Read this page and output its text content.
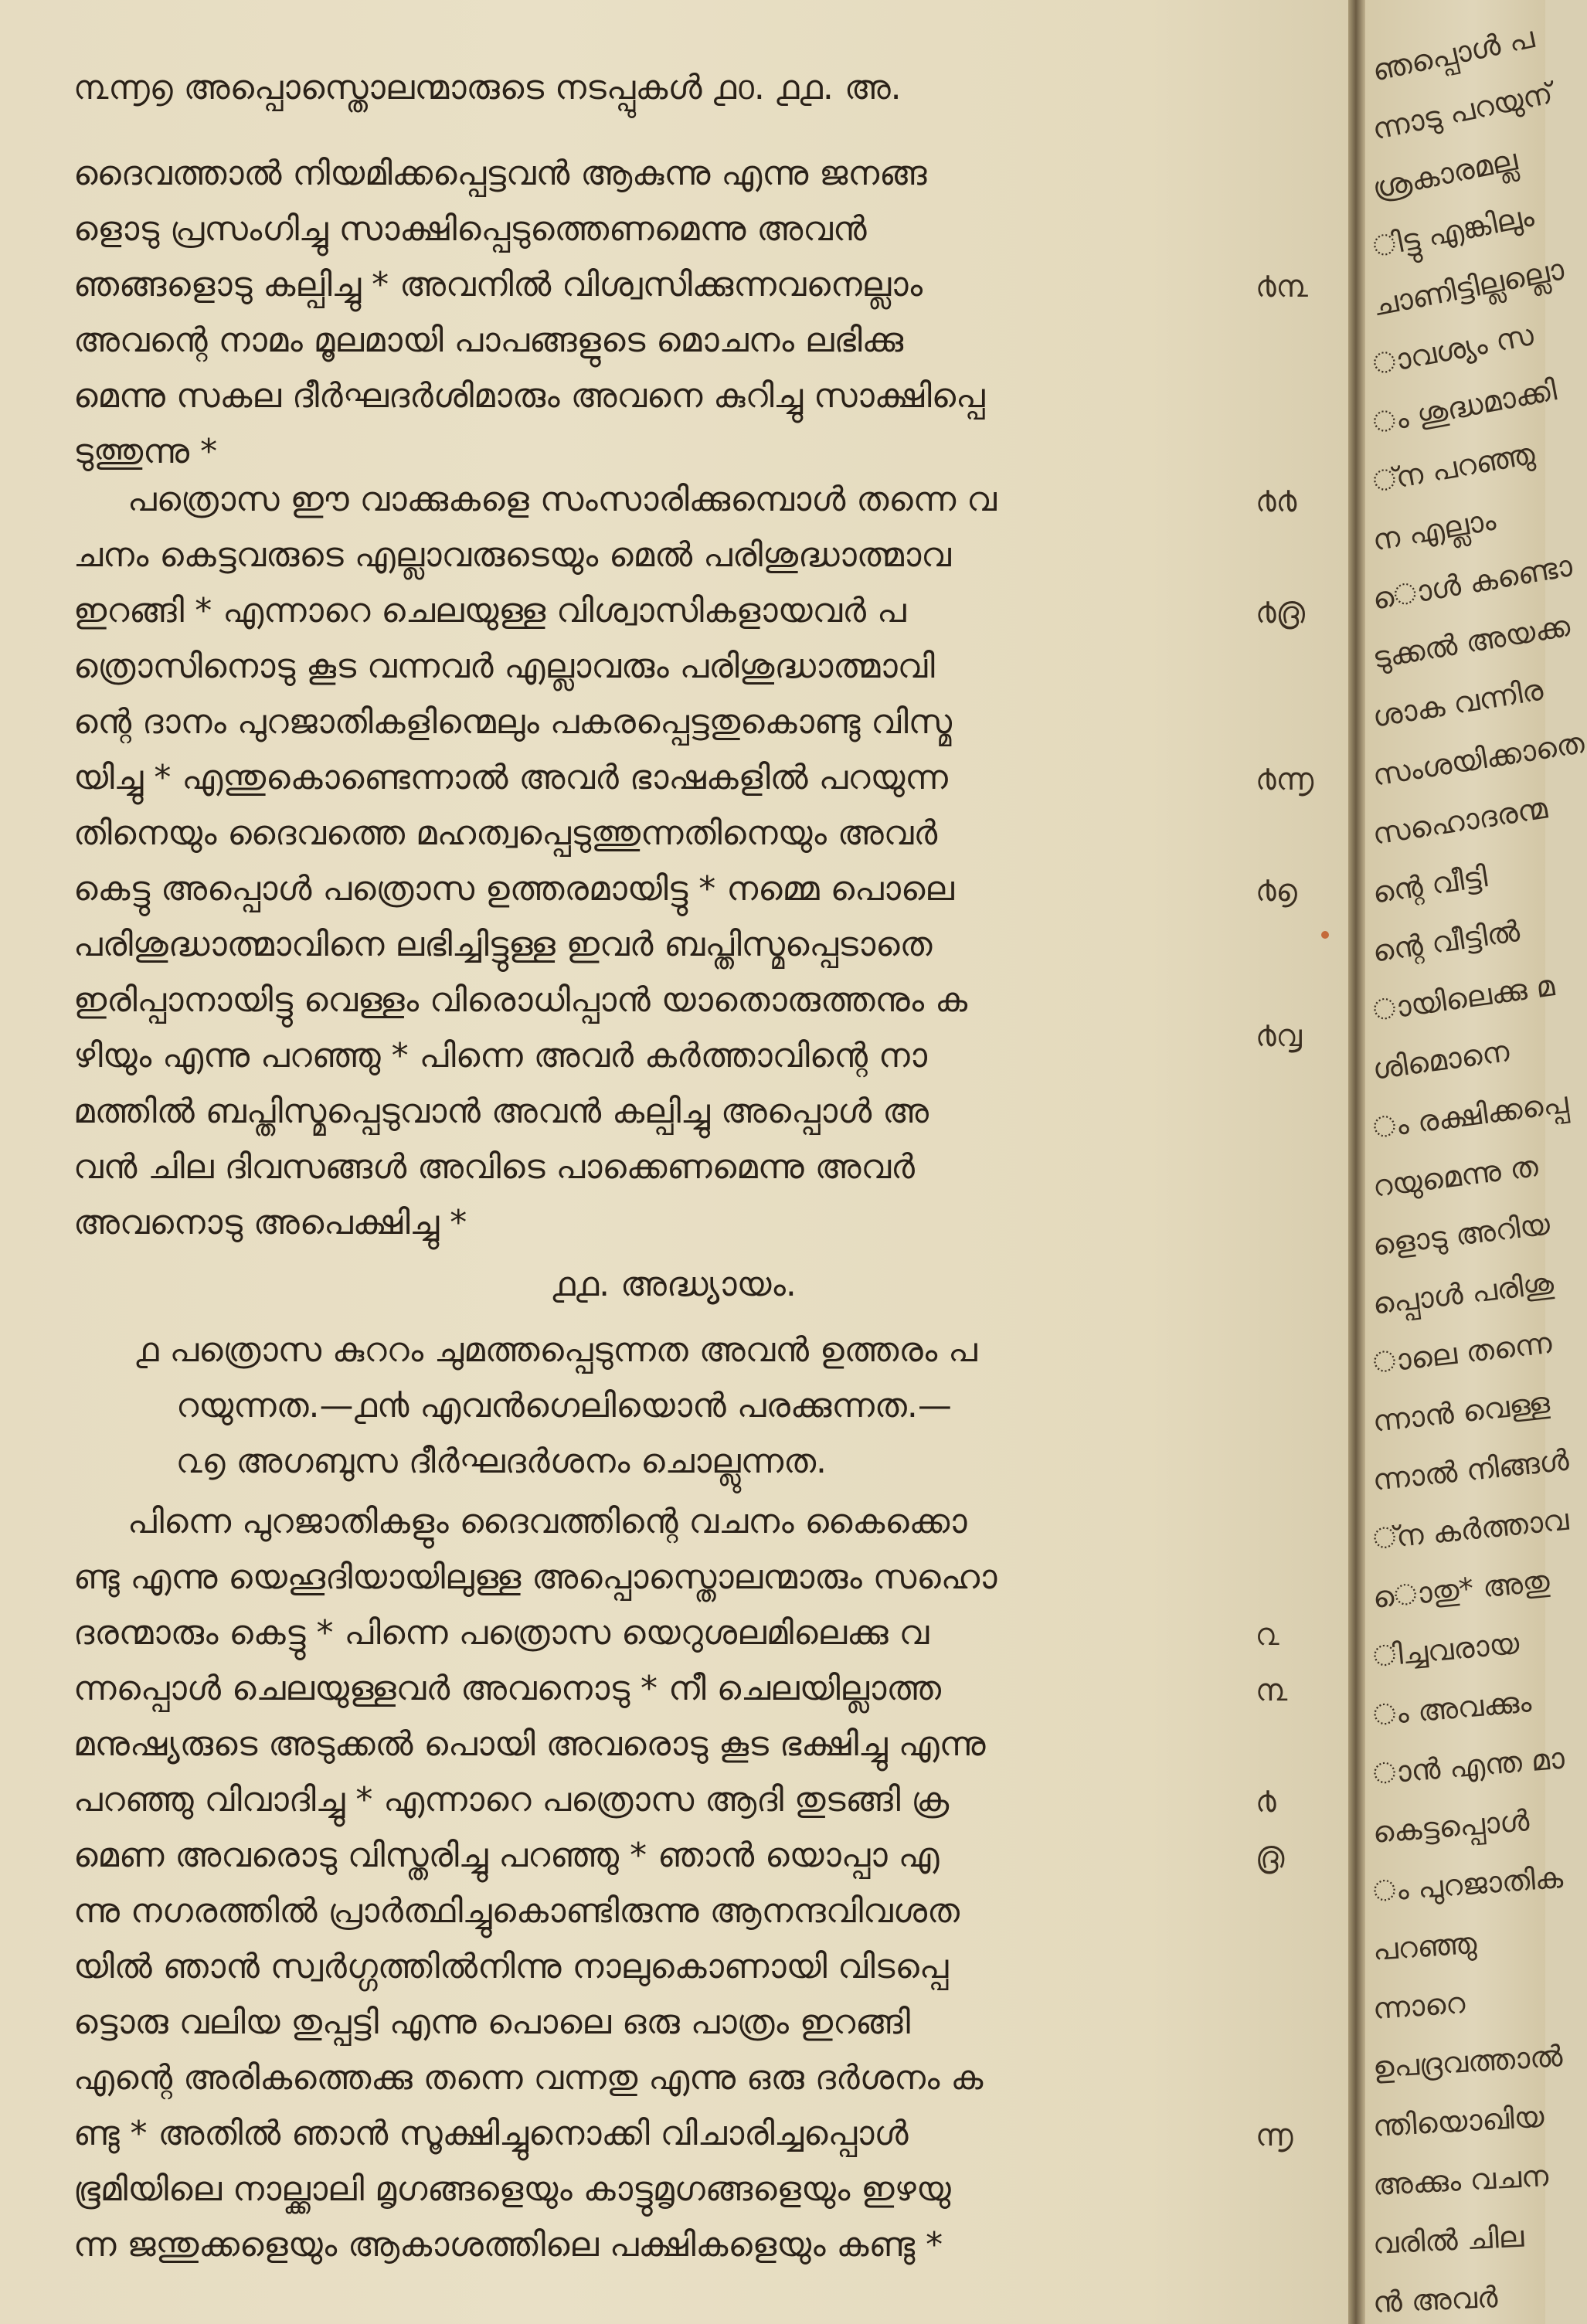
൩൬൭ അപ്പൊസ്തൊലന്മാരുടെ നടപ്പുകൾ ൧൦. ൧൧. അ.
ദൈവത്താൽ നിയമിക്കപ്പെട്ടവൻ ആകുന്നു എന്നു ജനങ്ങ
ളൊടു പ്രസംഗിച്ചു സാക്ഷിപ്പെടുത്തെണമെന്നു അവൻ
ഞങ്ങളൊടു കല്പിച്ചു * അവനിൽ വിശ്വസിക്കുന്നവനെല്ലാം
അവന്റെ നാമം മൂലമായി പാപങ്ങളുടെ മൊചനം ലഭിക്കു
മെന്നു സകല ദീർഘദർശിമാരും അവനെ കുറിച്ചു സാക്ഷിപ്പെ
ടുത്തുന്നു *
പത്രൊസ ഈ വാക്കുകളെ സംസാരിക്കുമ്പൊൾ തന്നെ വ
ചനം കെട്ടവരുടെ എല്ലാവരുടെയും മെൽ പരിശുദ്ധാത്മാവ
ഇറങ്ങി * എന്നാറെ ചെലയുള്ള വിശ്വാസികളായവർ പ
ത്രൊസിനൊടു കൂട വന്നവർ എല്ലാവരും പരിശുദ്ധാത്മാവി
ന്റെ ദാനം പുറജാതികളിന്മെലും പകരപ്പെട്ടതുകൊണ്ടു വിസ്മ
യിച്ചു * എന്തുകൊണ്ടെന്നാൽ അവർ ഭാഷകളിൽ പറയുന്ന
തിനെയും ദൈവത്തെ മഹത്വപ്പെടുത്തുന്നതിനെയും അവർ
കെട്ടു അപ്പൊൾ പത്രൊസ ഉത്തരമായിട്ടു * നമ്മെ പൊലെ
പരിശുദ്ധാത്മാവിനെ ലഭിച്ചിട്ടുള്ള ഇവർ ബപ്തിസ്മപ്പെടാതെ
ഇരിപ്പാനായിട്ടു വെള്ളം വിരൊധിപ്പാൻ യാതൊരുത്തനും ക
ഴിയും എന്നു പറഞ്ഞു * പിന്നെ അവർ കർത്താവിന്റെ നാ
മത്തിൽ ബപ്തിസ്മപ്പെടുവാൻ അവൻ കല്പിച്ചു അപ്പൊൾ അ
വൻ ചില ദിവസങ്ങൾ അവിടെ പാക്കെണമെന്നു അവർ
അവനൊടു അപെക്ഷിച്ചു *
൧൧. അദ്ധ്യായം.
൧ പത്രൊസ കുററം ചുമത്തപ്പെടുന്നത അവൻ ഉത്തരം പ
റയുന്നത.—൧൯ എവൻഗെലിയൊൻ പരക്കുന്നത.—
൨൭ അഗബുസ ദീർഘദർശനം ചൊല്ലുന്നത.
പിന്നെ പുറജാതികളും ദൈവത്തിന്റെ വചനം കൈക്കൊ
ണ്ടു എന്നു യെഹൂദിയായിലുള്ള അപ്പൊസ്തൊലന്മാരും സഹൊ
ദരന്മാരും കെട്ടു * പിന്നെ പത്രൊസ യെറുശലമിലെക്കു വ
ന്നപ്പൊൾ ചെലയുള്ളവർ അവനൊടു * നീ ചെലയില്ലാത്ത
മനുഷ്യരുടെ അടുക്കൽ പൊയി അവരൊടു കൂട ഭക്ഷിച്ചു എന്നു
പറഞ്ഞു വിവാദിച്ചു * എന്നാറെ പത്രൊസ ആദി തുടങ്ങി ക്ര
മെണ അവരൊടു വിസ്തരിച്ചു പറഞ്ഞു * ഞാൻ യൊപ്പാ എ
ന്നു നഗരത്തിൽ പ്രാർത്ഥിച്ചുകൊണ്ടിരുന്നു ആനന്ദവിവശത
യിൽ ഞാൻ സ്വർഗ്ഗത്തിൽനിന്നു നാലുകൊണായി വിടപ്പെ
ട്ടൊരു വലിയ തുപ്പട്ടി എന്നു പൊലെ ഒരു പാത്രം ഇറങ്ങി
എന്റെ അരികത്തെക്കു തന്നെ വന്നതു എന്നു ഒരു ദർശനം ക
ണ്ടു * അതിൽ ഞാൻ സൂക്ഷിച്ചുനൊക്കി വിചാരിച്ചപ്പൊൾ
ഭൂമിയിലെ നാല്ക്കാലി മൃഗങ്ങളെയും കാട്ടുമൃഗങ്ങളെയും ഇഴയു
ന്ന ജന്തുക്കളെയും ആകാശത്തിലെ പക്ഷികളെയും കണ്ടു *
൪൩
൪൪
൪൫
൪൬
൪൭
൪൮
൨
൩
൪
൫
൬
ഞപ്പൊൾ പ
ന്നാടു പറയുന്
ശ്രകാരമല്ല
ിട്ടു എങ്കിലും
ചാണിട്ടില്ലല്ലൊ
ാവശ്യം സ
ം ശുദ്ധമാക്കി
്ന പറഞ്ഞു
ന എല്ലാം
ൊൾ കണ്ടൊ
ടുക്കൽ അയക്ക
ശാക വന്നിര
സംശയിക്കാതെ
സഹൊദരന്മ
ന്റെ വീട്ടി
ന്റെ വീട്ടിൽ
ായിലെക്കു മ
ശിമൊനെ
ം രക്ഷിക്കപ്പെ
റയുമെന്നു ത
ളൊടു അറിയ
പ്പൊൾ പരിശു
ാലെ തന്നെ
ന്നാൻ വെള്ള
ന്നാൽ നിങ്ങൾ
്ന കർത്താവ
ൊതു* അതു
ിച്ചവരായ
ം അവക്കും
ാൻ എന്ത മാ
കെട്ടപ്പൊൾ
ം പുറജാതിക
പറഞ്ഞു
ന്നാറെ
ഉപദ്രവത്താൽ
ന്തിയൊഖിയ
അക്കും വചന
വരിൽ ചില
ൻ അവർ
